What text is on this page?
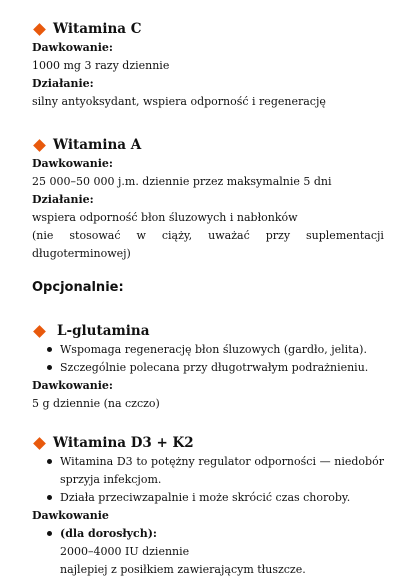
Witamina C

Dawkowanie:

1000 mg 3 razy dziennie

Działanie:

silny antyoksydant, wspiera odporność i regenerację

Witamina A

Dawkowanie:

25 000–50 000 j.m. dziennie przez maksymalnie 5 dni

Działanie:

wspiera odporność błon śluzowych i nabłonków

(nie stosować w ciąży, uważać przy suplementacji

długoterminowej)

Opcjonalnie:

L-glutamina
Wspomaga regenerację błon śluzowych (gardło, jelita).
Szczególnie polecana przy długotrwałym podrażnieniu.

Dawkowanie:

5 g dziennie (na czczo)

Witamina D3 + K2
Witamina D3 to potężny regulator odporności — niedobór
sprzyja infekcjom.
Działa przeciwzapalnie i może skrócić czas choroby.

Dawkowanie

(dla dorosłych):
2000–4000 IU dziennie
najlepiej z posiłkiem zawierającym tłuszcze.
